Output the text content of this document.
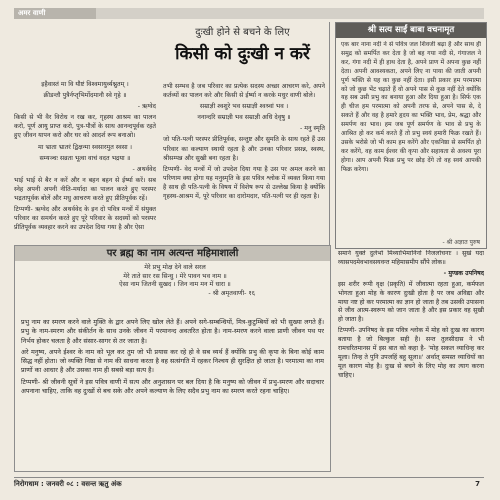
अमर वाणी
दुःखी होने से बचने के लिए
किसी को दुःखी न करें

इहैवास्तं मा वि यौष्टं विश्वमायुर्व्यश्नुतम् ।

क्रीडन्तौ पुत्रैर्नप्तृभिर्मोदमानौ स्वे गृहे ॥

- ऋग्वेद

किसी से भी वैर विरोध न रख कर, गृहस्थ आश्रम का पालन करो, पूर्ण आयु प्राप्त करो, पुत्र-पौत्रों के साथ आनन्दपूर्वक रहते हुए जीवन यापन करो और घर को आदर्श रूप बनाओ।

मा भ्राता भ्रातरं द्विक्षन्मा स्वसारमुत स्वसा ।

सम्यञ्चः सव्रता भूत्वा वाचं वदत भद्रया ॥

- अथर्ववेद

भाई भाई से बैर न करें और न बहन बहन से ईर्ष्या करें। सब स्नेह अपनी अपनी नीति-मर्यादा का पालन करते हुए परस्पर भद्रतापूर्वक बोलें और मधु आचरण करते हुए प्रीतिपूर्वक रहें।

टिप्पणी- ऋग्वेद और अथर्ववेद के इन दो पवित्र मन्त्रों में संयुक्त परिवार का समर्थन करते हुए पूरे परिवार के सदस्यों को परस्पर प्रीतिपूर्वक व्यवहार करने का उपदेश दिया गया है और ऐसा

तभी सम्भव है जब परिवार का प्रत्येक सदस्य अच्छा आचरण करे, अपने कर्तव्यों का पालन करे और किसी से ईर्ष्या न करके मधुर वाणी बोले।

सम्राज्ञी श्वशुरे भव सम्राज्ञी श्वश्र्वां भव ।

ननान्दरि सम्राज्ञी भव सम्राज्ञी अधि देवृषु ॥

- मनु स्मृति

जो पति-पत्नी परस्पर प्रीतिपूर्वक, सन्तुष्ट और सुमति के साथ रहते हैं उस परिवार का कल्याण स्थायी रहता है और उनका परिवार प्रसन्न, स्वस्थ, श्रीसम्पन्न और सुखी बना रहता है।

टिप्पणी- वेद मन्त्रों में जो उपदेश दिया गया है उस पर अमल करने का परिणाम क्या होगा यह मनुस्मृति के इस पवित्र श्लोक में व्यक्त किया गया है साथ ही पति-पत्नी के विषय में विशेष रूप से उल्लेख किया है क्योंकि गृहस्थ-आश्रम में, पूरे परिवार का दारोमदार, पति-पत्नी पर ही रहता है।

श्री सत्य साईं बाबा वचनामृत
एक बार नाना नदी ने से पवित्र जल शिवजी बढ़ा है और साथ ही समुद्र को समर्पित कर देता है जो बह गया नदी से, गंगाजल ने कर, गंगा नदी में ही हाथ देता है, अपने प्राण में अपना कुछ नहीं देता। अपनी आवश्यकता, अपने लिए ना पाया की जाती अपनी पूर्ण भक्ति से यह का कुछ नहीं देता। इसी प्रकार हम परमात्मा को जो कुछ भेंट चढ़ाते हैं वो अपने पास से कुछ नहीं देते क्योंकि यह सब उसी प्रभु का बनाया हुआ और दिया हुआ है। सिर्फ एक ही चीज हम परमात्मा को अपनी तरफ से, अपने पास से, दे सकते हैं और वह है हमारे हृदय का भक्ति भाव, प्रेम, श्रद्धा और समर्पण का भाव। हम जब पूर्ण समर्पण के भाव से प्रभु के आश्रित हो कर कर्म करते हैं तो प्रभु स्वयं हमारी फिक्र रखते हैं। उसके भरोसे जो भी काम हम करेंगे और एकनिष्ठा से समर्पित हो कर करेंगे, वह काम ईश्वर की कृपा और सहायता से अवश्य पूरा होगा। आप अपनी फिक्र प्रभु पर छोड़ देंगे तो वह स्वयं आपकी फिक्र करेगा।
- श्री अज्ञात पुरुष
पर ब्रह्म का नाम अत्यन्त महिमाशाली
मेरे प्रभु मोक्ष देने वाले सरल
मेरे ताते सार रस सिन्धु । मेरे पावन भव नाम ॥
ऐसा नाम जितनी सुखद । जिन नाम मन में धारा ॥
- श्री अमृतवाणी- १६

प्रभु नाम का स्मरण करने वाले मुक्ति के द्वार अपने लिए खोल लेते हैं। अपने सगे-सम्बन्धियों, मित्र-कुटुम्बियों को भी सुख्या लगते हैं। प्रभु के नाम-स्मरण और संकीर्तन के साथ उनके जीवन में परमानन्द अवतरित होता है। नाम-स्मरण करने वाला प्राणी जीवन पथ पर निर्भय होकर चलता है और संसार-सागर से तर जाता है।

अरे मनुष्य, अपने ईश्वर के नाम को भूल कर तुम जो भी प्रयास कर रहे हो वे सब व्यर्थ हैं क्योंकि प्रभु की कृपा के बिना कोई काम सिद्ध नहीं होता। जो व्यक्ति निष्ठा से नाम की साधना करता है वह सत्संगति में रहकर निश्चय ही सुरक्षित हो जाता है। परमात्मा का नाम प्राणों का आधार है और उसका नाम ही सबसे बड़ा सत्य है।

टिप्पणी- श्री जीवनी सूत्रों ने इस पवित्र वाणी में सत्य और अनुशासन पर बल दिया है कि मनुष्य को जीवन में प्रभु-स्मरण और सदाचार अपनाना चाहिए, ताकि वह दुःखों से बच सके और अपने कल्याण के लिए सदैव प्रभु नाम का स्मरण करते रहना चाहिए।

समाने युक्ते दुर्लभो मिथ्याभिमानिनो निजलोचनाः । सुखं यदा व्यासपदमेवभावसयवन्त महिमासमीप सौंपे लोक॥

- मुण्डक उपनिषद

इस शरीर रूपी वृक्ष (प्रकृति) में जीवात्मा रहता हुआ, कर्मफल भोगता हुआ मोह के कारण दुःखी होता है पर जब अविद्या और माया नष्ट हो कर परमात्मा का ज्ञान हो जाता है तब उसकी उपासना से जीव आत्म-स्वरूप को जान जाता है और इस प्रकार वह सुखी हो जाता है।

टिप्पणी- उपनिषद के इस पवित्र श्लोक में मोह को दुःख का कारण बताया है जो बिल्कुल सही है। सन्त तुलसीदास ने भी रामचरितमानस में इस बात को कहा है- 'मोह सकल व्याधिन्ह कर मूला। तिन्ह ते पुनि उपजहिं बहु सूला॥' अर्थात् समस्त व्याधियों का मूल कारण मोह है। दुःख से बचने के लिए मोह का त्याग करना चाहिए।

निरोगधाम : जनवरी ०८ : वसन्त ऋतु अंक	7
